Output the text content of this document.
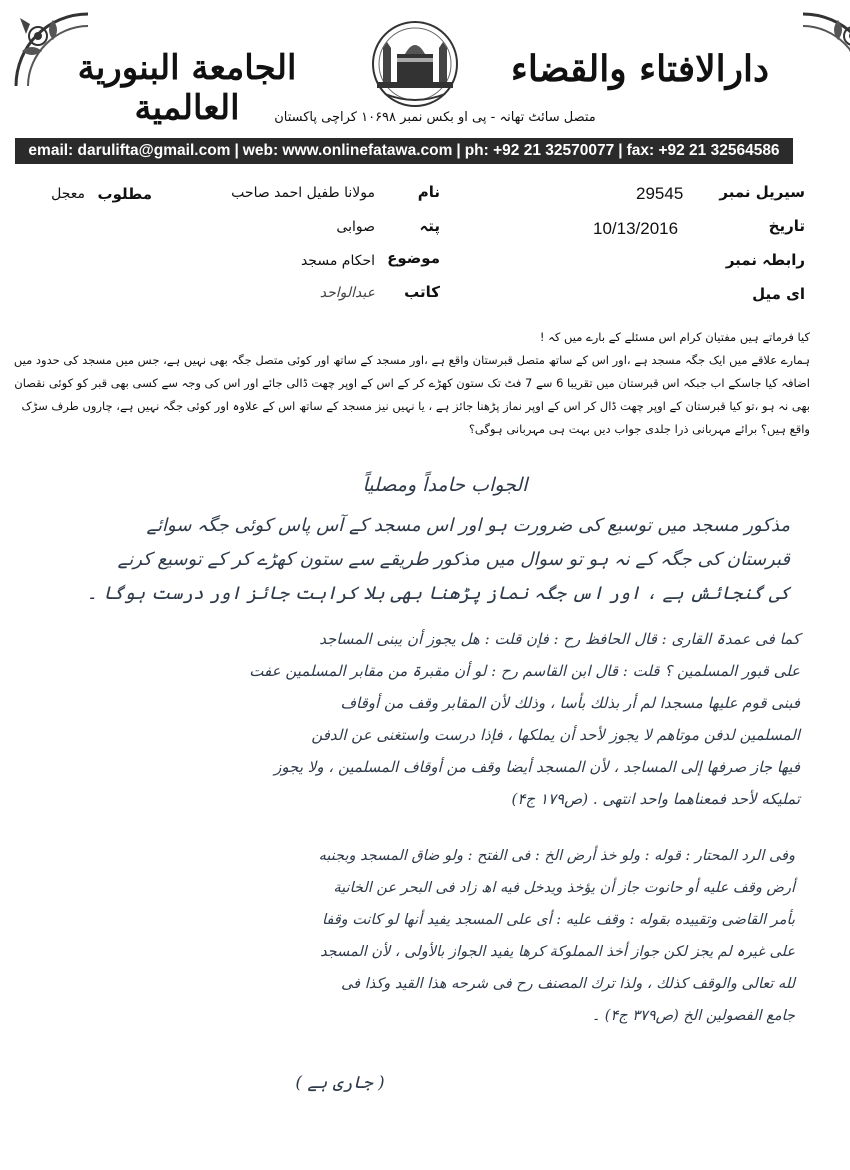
الجامعة البنورية العالمية
دارالافتاء والقضاء
متصل سائٹ تھانہ - پی او بکس نمبر ۱۰۶۹۸ کراچی پاکستان
email: darulifta@gmail.com | web: www.onlinefatawa.com | ph: +92 21 32570077 | fax: +92 21 32564586
سیریل نمبر
تاریخ
رابطہ نمبر
ای میل
29545
10/13/2016
نام
مولانا طفیل احمد صاحب
پتہ
صوابی
موضوع
احکام مسجد
کاتب
عبدالواحد
مطلوب
معجل
کیا فرماتے ہیں مفتیان کرام اس مسئلے کے بارے میں کہ !
ہمارے علاقے میں ایک جگہ مسجد ہے ،اور اس کے ساتھ متصل قبرستان واقع ہے ،اور مسجد کے ساتھ اور کوئی متصل جگہ بھی نہیں ہے، جس میں مسجد کی حدود میں
اضافہ کیا جاسکے اب جبکہ اس قبرستان میں تقریبا 6 سے 7 فٹ تک ستون کھڑے کر کے اس کے اوپر چھت ڈالی جائے اور اس کی وجہ سے کسی بھی قبر کو کوئی نقصان
بھی نہ ہو ،تو کیا قبرستان کے اوپر چھت ڈال کر اس کے اوپر نماز پڑھنا جائز ہے ، یا نہیں نیز مسجد کے ساتھ اس کے علاوہ اور کوئی جگہ نہیں ہے، چاروں طرف سڑک
واقع ہیں؟ برائے مہربانی ذرا جلدی جواب دیں بہت ہی مہربانی ہوگی؟
الجواب حامداً ومصلیاً
مذکور مسجد میں توسیع کی ضرورت ہو اور اس مسجد کے آس پاس کوئی جگہ سوائے
قبرستان کی جگہ کے نہ ہو تو سوال میں مذکور طریقے سے ستون کھڑے کر کے توسیع کرنے
کی گنجائش ہے ، اور اس جگہ نماز پڑھنا بھی بلا کراہت جائز اور درست ہوگا ۔
کما فی عمدۃ القاری : قال الحافظ رح : فإن قلت : ھل یجوز أن یبنی المساجد
علی قبور المسلمین ؟ قلت : قال ابن القاسم رح : لو أن مقبرۃ من مقابر المسلمین عفت
فبنی قوم علیھا مسجدا لم أر بذلك بأسا ، وذلك لأن المقابر وقف من أوقاف
المسلمین لدفن موتاھم لا یجوز لأحد أن یملکھا ، فإذا درست واستغنی عن الدفن
فیھا جاز صرفھا إلی المساجد ، لأن المسجد أیضا وقف من أوقاف المسلمین ، ولا یجوز
تملیکه لأحد فمعناھما واحد انتھی . (ص۱۷۹ ج۴)
وفی الرد المحتار : قوله : ولو خذ أرض الخ : فی الفتح : ولو ضاق المسجد وبجنبه
أرض وقف علیه أو حانوت جاز أن یؤخذ ویدخل فیه اھ زاد فی البحر عن الخانیة
بأمر القاضی وتقییده بقوله : وقف علیه : أی علی المسجد یفید أنھا لو کانت وقفا
علی غیرہ لم یجز لکن جواز أخذ المملوکة کرھا یفید الجواز بالأولی ، لأن المسجد
لله تعالی والوقف کذلك ، ولذا ترك المصنف رح فی شرحه ھذا القید وکذا فی
جامع الفصولین الخ (ص۳۷۹ ج۴) ۔
( جاری ہے )
